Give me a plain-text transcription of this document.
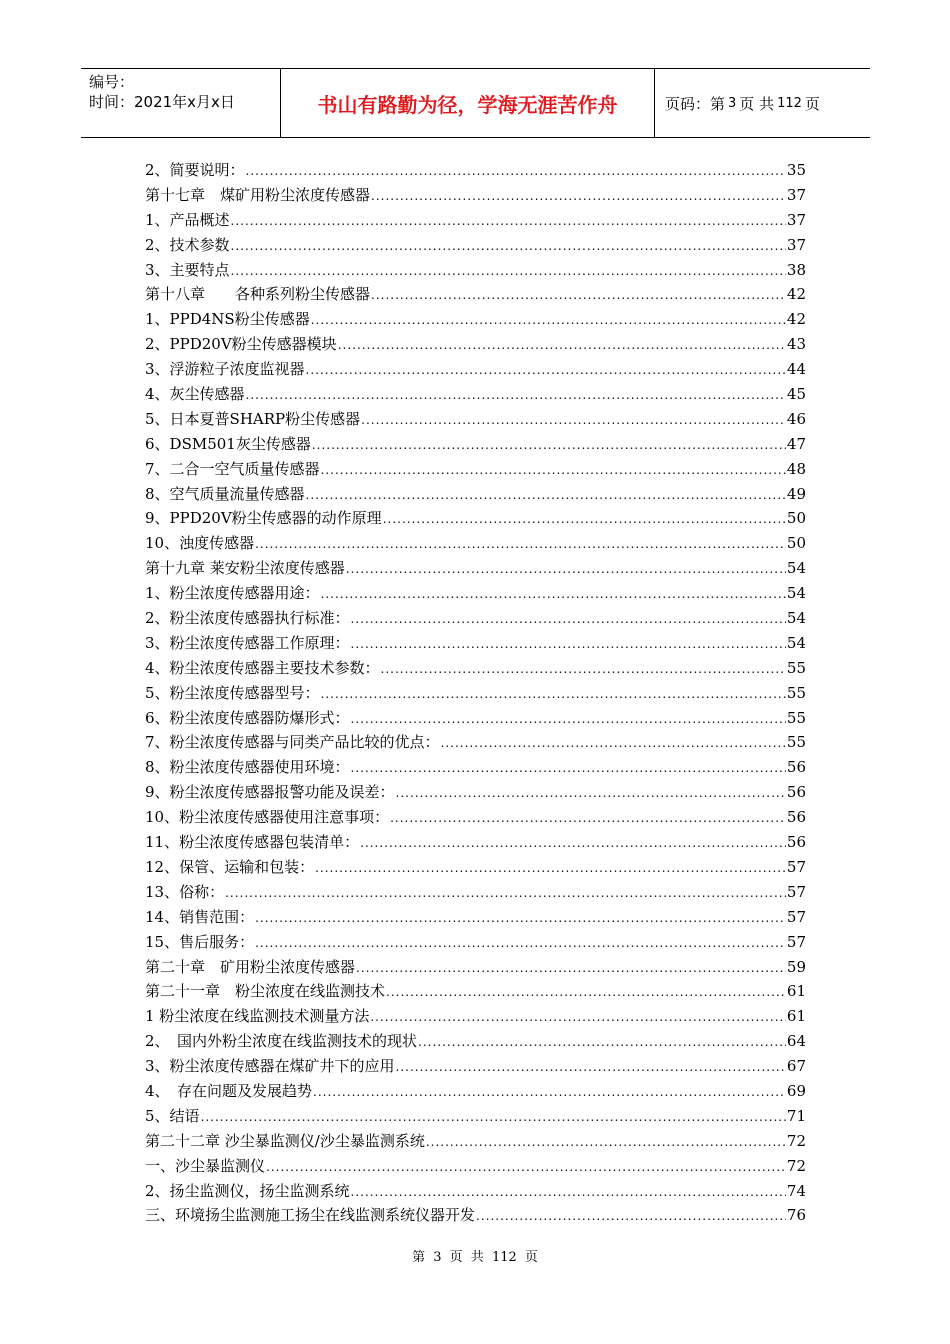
编号：
时间：2021年x月x日	书山有路勤为径，学海无涯苦作舟	页码：第 3 页 共 112 页
2、简要说明： .....	35
第十七章　煤矿用粉尘浓度传感器 .....	37
1、产品概述 .....	37
2、技术参数 .....	37
3、主要特点 .....	38
第十八章　　各种系列粉尘传感器 .....	42
1、PPD4NS粉尘传感器 .....	42
2、PPD20V粉尘传感器模块 .....	43
3、浮游粒子浓度监视器 .....	44
4、灰尘传感器 .....	45
5、日本夏普SHARP粉尘传感器 .....	46
6、DSM501灰尘传感器 .....	47
7、二合一空气质量传感器 .....	48
8、空气质量流量传感器 .....	49
9、PPD20V粉尘传感器的动作原理 .....	50
10、浊度传感器 .....	50
第十九章 莱安粉尘浓度传感器 .....	54
1、粉尘浓度传感器用途： .....	54
2、粉尘浓度传感器执行标准： .....	54
3、粉尘浓度传感器工作原理： .....	54
4、粉尘浓度传感器主要技术参数： .....	55
5、粉尘浓度传感器型号： .....	55
6、粉尘浓度传感器防爆形式： .....	55
7、粉尘浓度传感器与同类产品比较的优点： .....	55
8、粉尘浓度传感器使用环境： .....	56
9、粉尘浓度传感器报警功能及误差： .....	56
10、粉尘浓度传感器使用注意事项： .....	56
11、粉尘浓度传感器包装清单： .....	56
12、保管、运输和包装： .....	57
13、俗称： .....	57
14、销售范围： .....	57
15、售后服务： .....	57
第二十章　矿用粉尘浓度传感器 .....	59
第二十一章　粉尘浓度在线监测技术 .....	61
1 粉尘浓度在线监测技术测量方法 .....	61
2、　国内外粉尘浓度在线监测技术的现状 .....	64
3、粉尘浓度传感器在煤矿井下的应用 .....	67
4、　存在问题及发展趋势 .....	69
5、结语 .....	71
第二十二章 沙尘暴监测仪/沙尘暴监测系统 .....	72
一、沙尘暴监测仪 .....	72
2、扬尘监测仪，扬尘监测系统 .....	74
三、环境扬尘监测施工扬尘在线监测系统仪器开发 .....	76
第 3 页 共 112 页
